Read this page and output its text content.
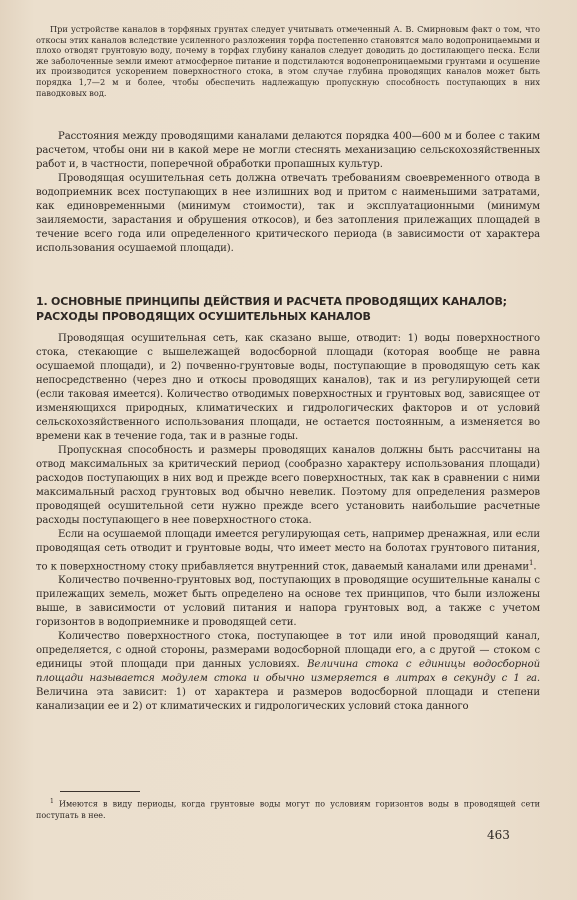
При устройстве каналов в торфяных грунтах следует учитывать отмеченный А. В. Смирновым факт о том, что откосы этих каналов вследствие усиленного разложения торфа постепенно становятся мало водопроницаемыми и плохо отводят грунтовую воду, почему в торфах глубину каналов следует доводить до достилающего песка. Если же заболоченные земли имеют атмосферное питание и подстилаются водонепроницаемыми грунтами и осушение их производится ускорением поверхностного стока, в этом случае глубина проводящих каналов может быть порядка 1,7—2 м и более, чтобы обеспечить надлежащую пропускную способность поступающих в них паводковых вод.

Расстояния между проводящими каналами делаются порядка 400—600 м и более с таким расчетом, чтобы они ни в какой мере не могли стеснять механизацию сельскохозяйственных работ и, в частности, поперечной обработки пропашных культур.

Проводящая осушительная сеть должна отвечать требованиям своевременного отвода в водоприемник всех поступающих в нее излишних вод и притом с наименьшими затратами, как единовременными (минимум стоимости), так и эксплуатационными (минимум заиляемости, зарастания и обрушения откосов), и без затопления прилежащих площадей в течение всего года или определенного критического периода (в зависимости от характера использования осушаемой площади).

1. ОСНОВНЫЕ ПРИНЦИПЫ ДЕЙСТВИЯ И РАСЧЕТА ПРОВОДЯЩИХ КАНАЛОВ; РАСХОДЫ ПРОВОДЯЩИХ ОСУШИТЕЛЬНЫХ КАНАЛОВ

Проводящая осушительная сеть, как сказано выше, отводит: 1) воды поверхностного стока, стекающие с вышележащей водосборной площади (которая вообще не равна осушаемой площади), и 2) почвенно-грунтовые воды, поступающие в проводящую сеть как непосредственно (через дно и откосы проводящих каналов), так и из регулирующей сети (если таковая имеется). Количество отводимых поверхностных и грунтовых вод, зависящее от изменяющихся природных, климатических и гидрологических факторов и от условий сельскохозяйственного использования площади, не остается постоянным, а изменяется во времени как в течение года, так и в разные годы.

Пропускная способность и размеры проводящих каналов должны быть рассчитаны на отвод максимальных за критический период (сообразно характеру использования площади) расходов поступающих в них вод и прежде всего поверхностных, так как в сравнении с ними максимальный расход грунтовых вод обычно невелик. Поэтому для определения размеров проводящей осушительной сети нужно прежде всего установить наибольшие расчетные расходы поступающего в нее поверхностного стока.

Если на осушаемой площади имеется регулирующая сеть, например дренажная, или если проводящая сеть отводит и грунтовые воды, что имеет место на болотах грунтового питания, то к поверхностному стоку прибавляется внутренний сток, даваемый каналами или дренами$^1$.

Количество почвенно-грунтовых вод, поступающих в проводящие осушительные каналы с прилежащих земель, может быть определено на основе тех принципов, что были изложены выше, в зависимости от условий питания и напора грунтовых вод, а также с учетом горизонтов в водоприемнике и проводящей сети.

Количество поверхностного стока, поступающее в тот или иной проводящий канал, определяется, с одной стороны, размерами водосборной площади его, а с другой — стоком с единицы этой площади при данных условиях. Величина стока с единицы водосборной площади называется модулем стока и обычно измеряется в литрах в секунду с 1 га. Величина эта зависит: 1) от характера и размеров водосборной площади и степени канализации ее и 2) от климатических и гидрологических условий стока данного

$^1$ Имеются в виду периоды, когда грунтовые воды могут по условиям горизонтов воды в проводящей сети поступать в нее.

463
